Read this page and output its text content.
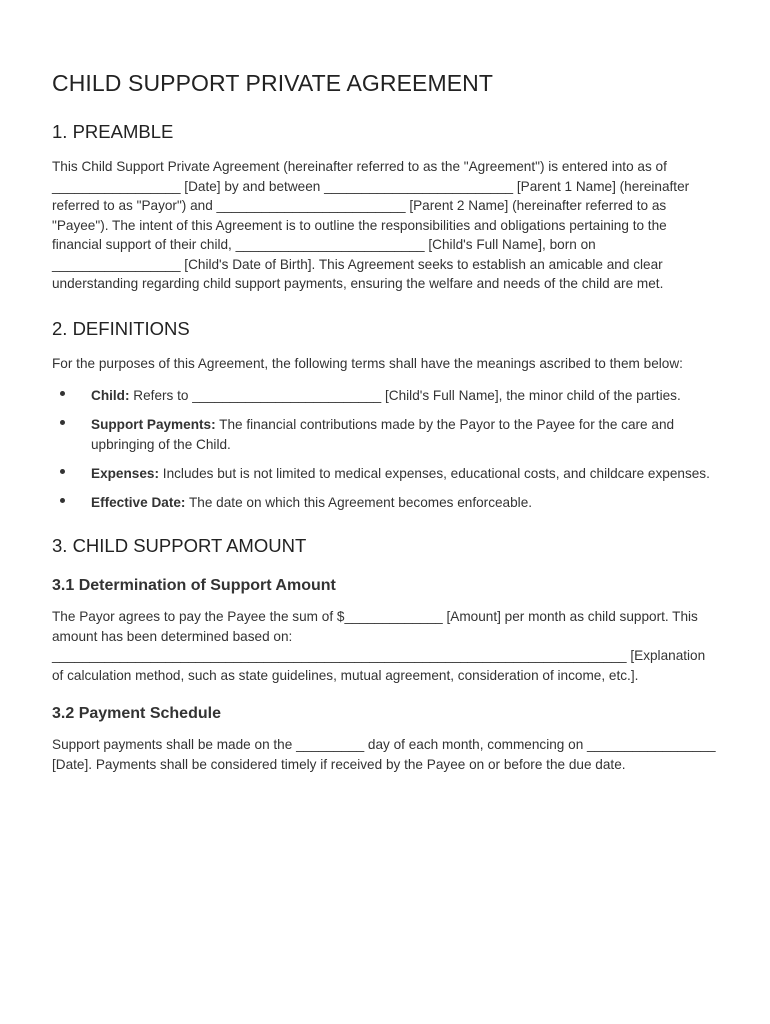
CHILD SUPPORT PRIVATE AGREEMENT
1. PREAMBLE

This Child Support Private Agreement (hereinafter referred to as the "Agreement") is entered into as of _________________ [Date] by and between _________________________ [Parent 1 Name] (hereinafter referred to as "Payor") and _________________________ [Parent 2 Name] (hereinafter referred to as "Payee"). The intent of this Agreement is to outline the responsibilities and obligations pertaining to the financial support of their child, _________________________ [Child's Full Name], born on _________________ [Child's Date of Birth]. This Agreement seeks to establish an amicable and clear understanding regarding child support payments, ensuring the welfare and needs of the child are met.

2. DEFINITIONS

For the purposes of this Agreement, the following terms shall have the meanings ascribed to them below:

Child: Refers to _________________________ [Child's Full Name], the minor child of the parties.
Support Payments: The financial contributions made by the Payor to the Payee for the care and upbringing of the Child.
Expenses: Includes but is not limited to medical expenses, educational costs, and childcare expenses.
Effective Date: The date on which this Agreement becomes enforceable.
3. CHILD SUPPORT AMOUNT
3.1 Determination of Support Amount

The Payor agrees to pay the Payee the sum of $_____________ [Amount] per month as child support. This amount has been determined based on: ____________________________________________________________________________ [Explanation of calculation method, such as state guidelines, mutual agreement, consideration of income, etc.].

3.2 Payment Schedule

Support payments shall be made on the _________ day of each month, commencing on _________________ [Date]. Payments shall be considered timely if received by the Payee on or before the due date.
